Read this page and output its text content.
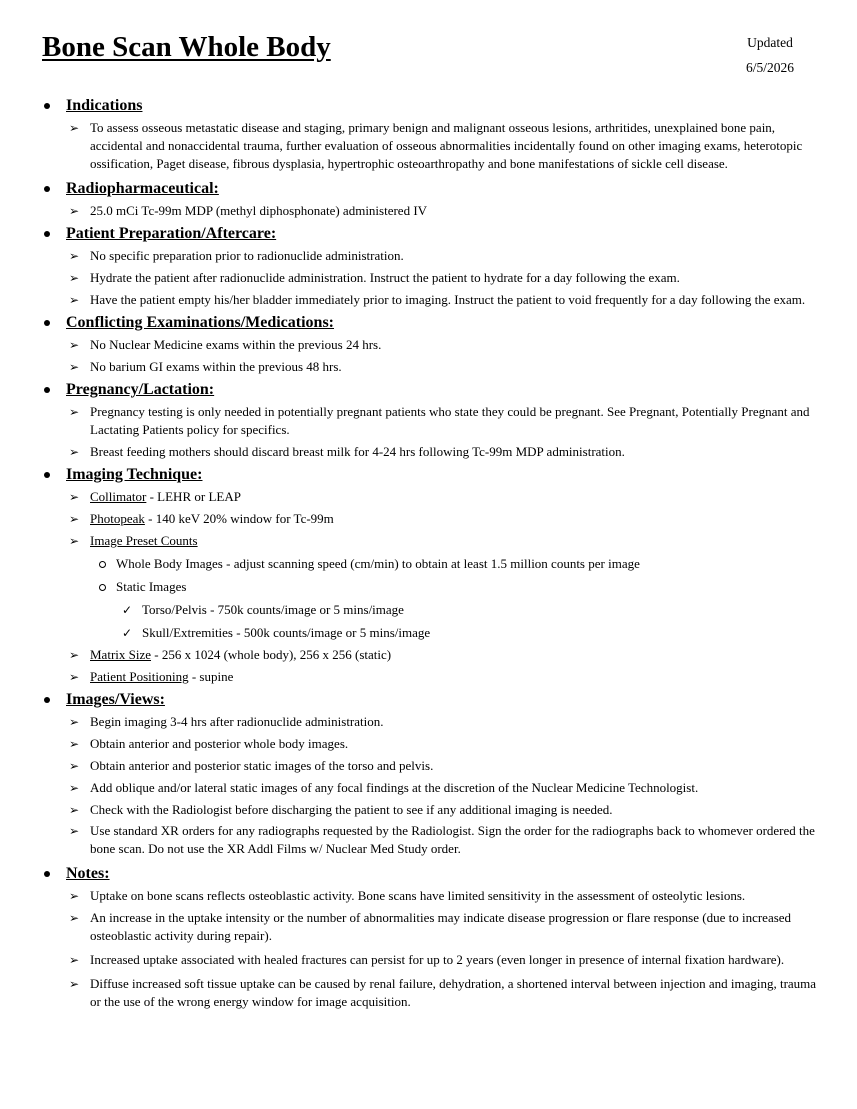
Bone Scan Whole Body	Updated
6/5/2026
Indications
➢ To assess osseous metastatic disease and staging, primary benign and malignant osseous lesions, arthritides, unexplained bone pain, accidental and nonaccidental trauma, further evaluation of osseous abnormalities incidentally found on other imaging exams, heterotopic ossification, Paget disease, fibrous dysplasia, hypertrophic osteoarthropathy and bone manifestations of sickle cell disease.
Radiopharmaceutical:
➢ 25.0 mCi Tc-99m MDP (methyl diphosphonate) administered IV
Patient Preparation/Aftercare:
➢ No specific preparation prior to radionuclide administration.
➢ Hydrate the patient after radionuclide administration. Instruct the patient to hydrate for a day following the exam.
➢ Have the patient empty his/her bladder immediately prior to imaging. Instruct the patient to void frequently for a day following the exam.
Conflicting Examinations/Medications:
➢ No Nuclear Medicine exams within the previous 24 hrs.
➢ No barium GI exams within the previous 48 hrs.
Pregnancy/Lactation:
➢ Pregnancy testing is only needed in potentially pregnant patients who state they could be pregnant. See Pregnant, Potentially Pregnant and Lactating Patients policy for specifics.
➢ Breast feeding mothers should discard breast milk for 4-24 hrs following Tc-99m MDP administration.
Imaging Technique:
➢ Collimator - LEHR or LEAP
➢ Photopeak - 140 keV 20% window for Tc-99m
➢ Image Preset Counts
Whole Body Images - adjust scanning speed (cm/min) to obtain at least 1.5 million counts per image
Static Images
✓ Torso/Pelvis - 750k counts/image or 5 mins/image
✓ Skull/Extremities - 500k counts/image or 5 mins/image
➢ Matrix Size - 256 x 1024 (whole body), 256 x 256 (static)
➢ Patient Positioning - supine
Images/Views:
➢ Begin imaging 3-4 hrs after radionuclide administration.
➢ Obtain anterior and posterior whole body images.
➢ Obtain anterior and posterior static images of the torso and pelvis.
➢ Add oblique and/or lateral static images of any focal findings at the discretion of the Nuclear Medicine Technologist.
➢ Check with the Radiologist before discharging the patient to see if any additional imaging is needed.
➢ Use standard XR orders for any radiographs requested by the Radiologist. Sign the order for the radiographs back to whomever ordered the bone scan. Do not use the XR Addl Films w/ Nuclear Med Study order.
Notes:
➢ Uptake on bone scans reflects osteoblastic activity. Bone scans have limited sensitivity in the assessment of osteolytic lesions.
➢ An increase in the uptake intensity or the number of abnormalities may indicate disease progression or flare response (due to increased osteoblastic activity during repair).
➢ Increased uptake associated with healed fractures can persist for up to 2 years (even longer in presence of internal fixation hardware).
➢ Diffuse increased soft tissue uptake can be caused by renal failure, dehydration, a shortened interval between injection and imaging, trauma or the use of the wrong energy window for image acquisition.
